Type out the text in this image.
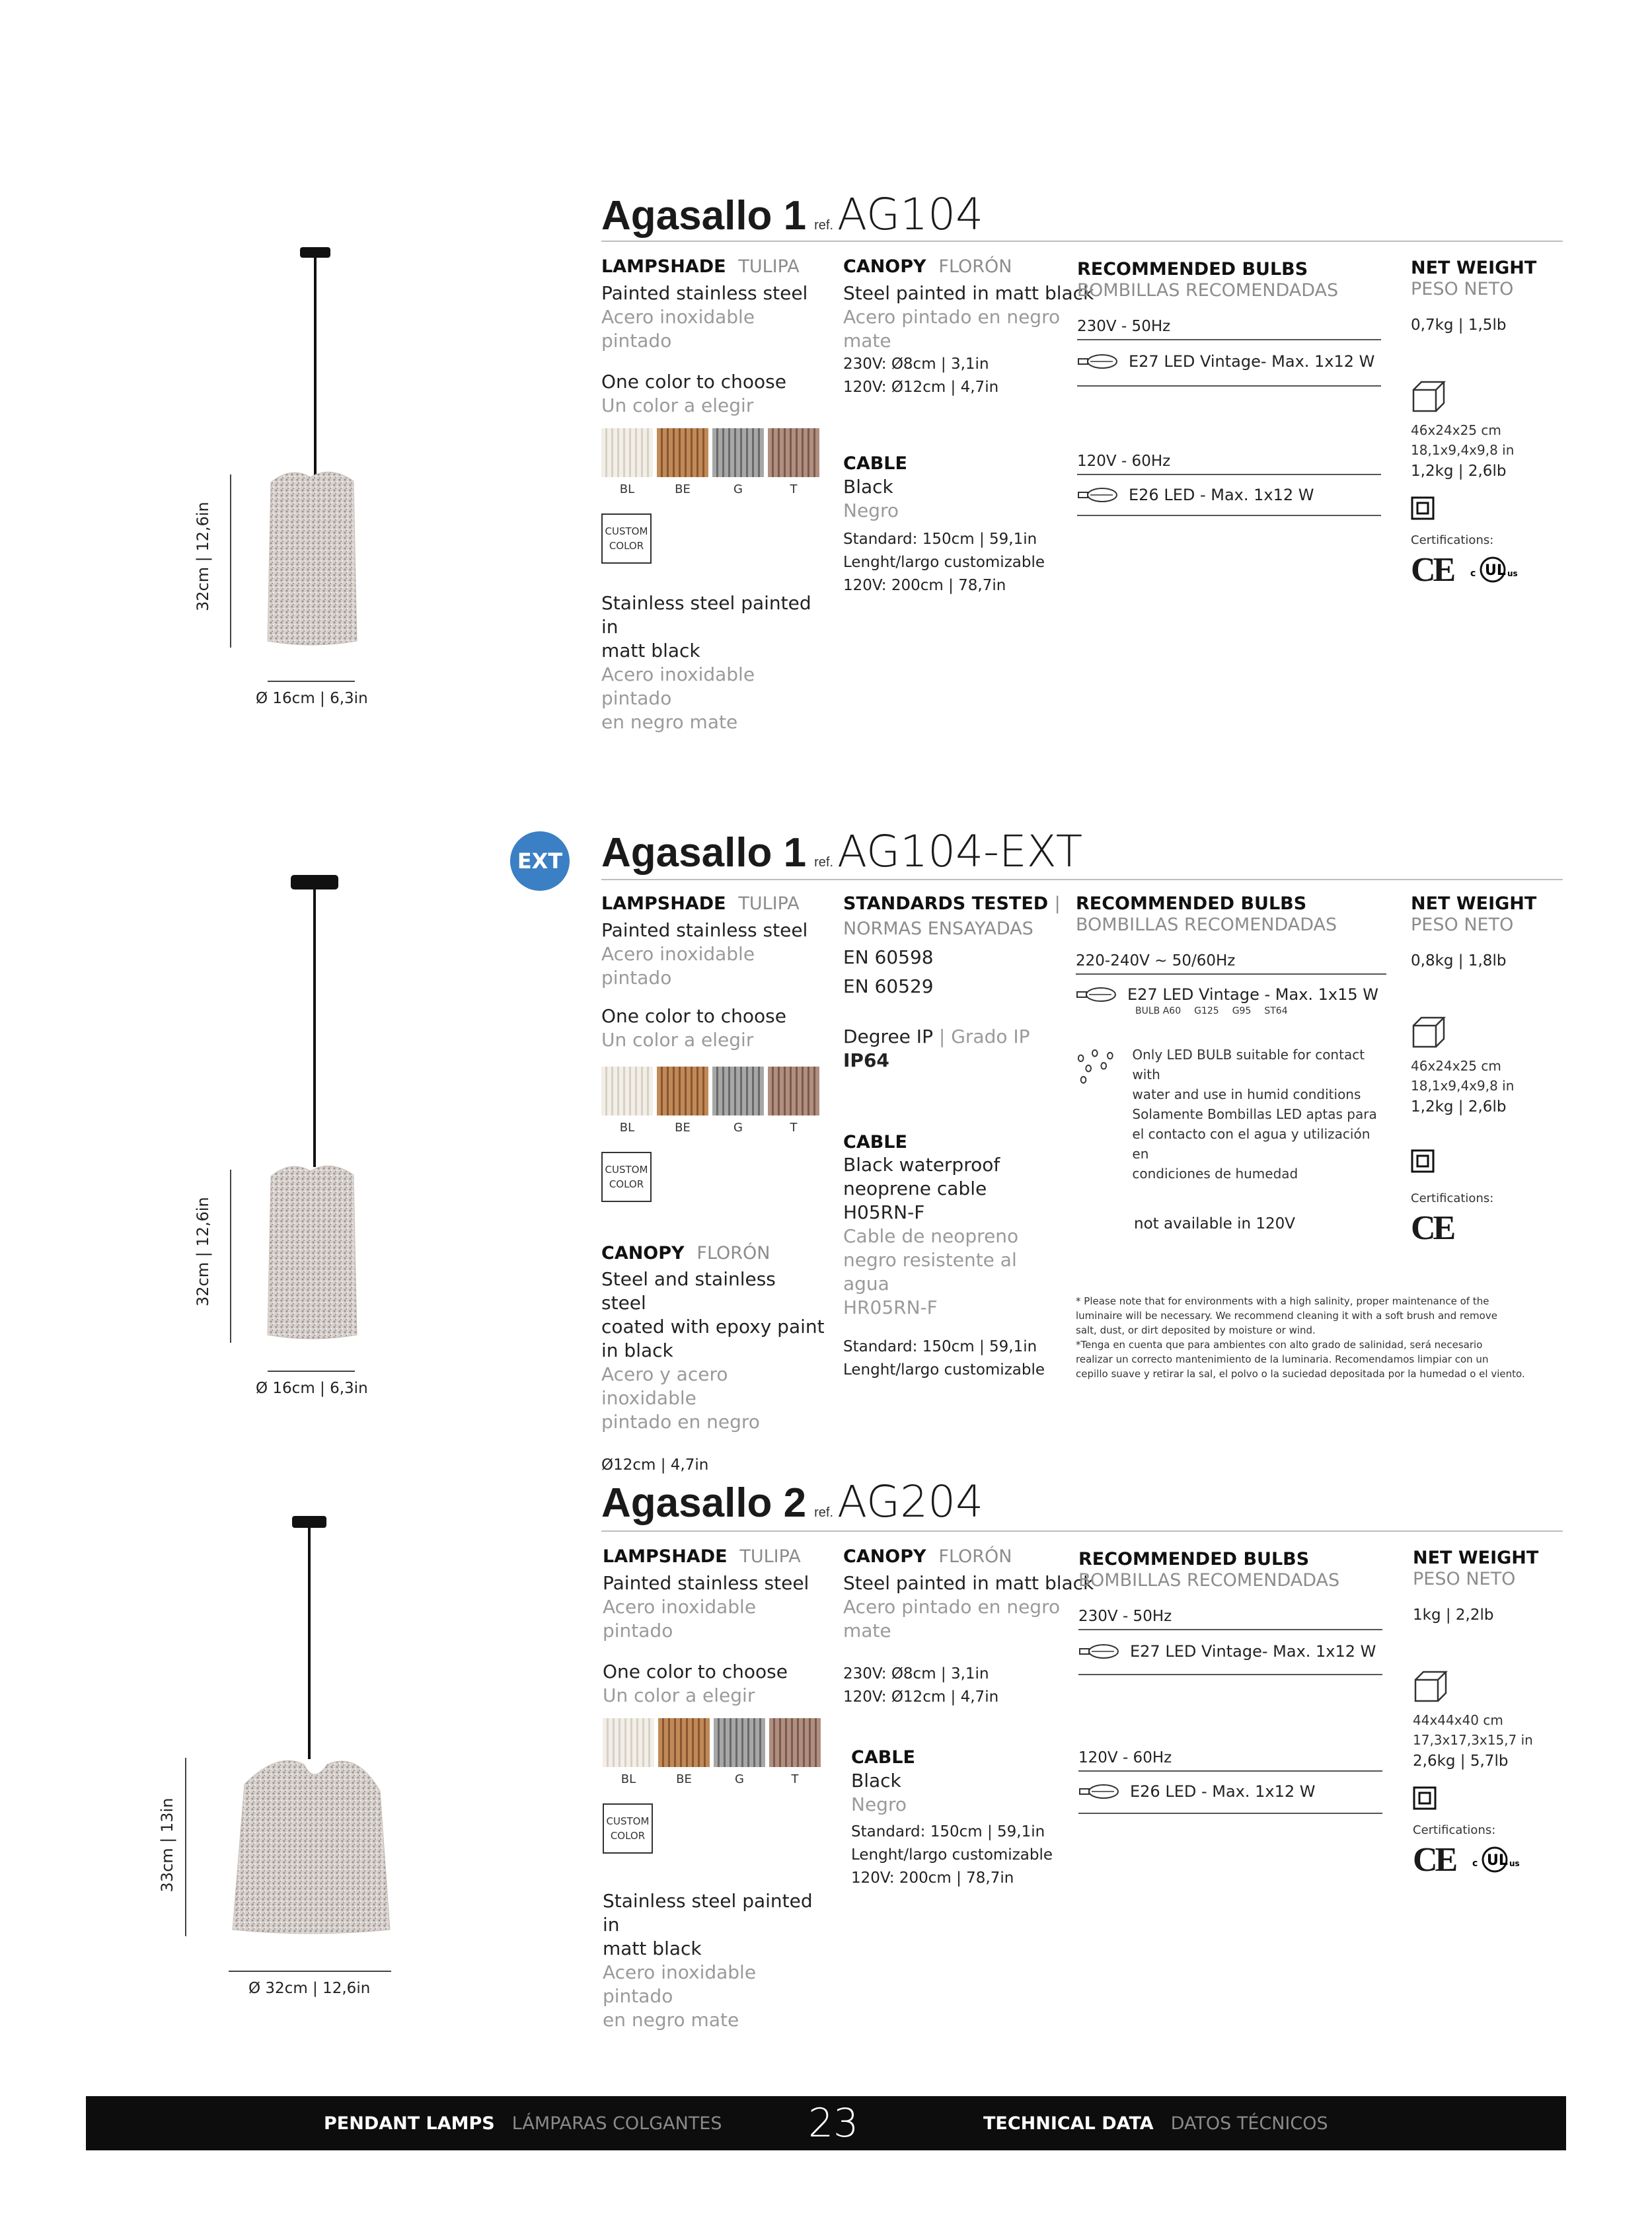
32cm | 12,6in
Ø 16cm | 6,3in
Agasallo 1 ref.AG104
LAMPSHADE TULIPA
Painted stainless steel
Acero inoxidable pintado
One color to choose
Un color a elegir
BL	BE	G	T
CUSTOM
COLOR
Stainless steel painted in
matt black
Acero inoxidable pintado
en negro mate
CANOPY FLORÓN
Steel painted in matt black
Acero pintado en negro
mate
230V: Ø8cm | 3,1in
120V: Ø12cm | 4,7in
CABLE
Black
Negro
Standard: 150cm | 59,1in
Lenght/largo customizable
120V: 200cm | 78,7in
RECOMMENDED BULBS
BOMBILLAS RECOMENDADAS
230V - 50Hz
E27 LED Vintage- Max. 1x12 W
120V - 60Hz
E26 LED - Max. 1x12 W
NET WEIGHT
PESO NETO
0,7kg | 1,5lb
46x24x25 cm
18,1x9,4x9,8 in
1,2kg | 2,6lb
Certifications:
CE c UL us
32cm | 12,6in
Ø 16cm | 6,3in
EXT Agasallo 1 ref.AG104-EXT
LAMPSHADE TULIPA
Painted stainless steel
Acero inoxidable pintado
One color to choose
Un color a elegir
BL	BE	G	T
CUSTOM
COLOR
CANOPY FLORÓN
Steel and stainless steel
coated with epoxy paint
in black
Acero y acero inoxidable
pintado en negro
Ø12cm | 4,7in
STANDARDS TESTED |
NORMAS ENSAYADAS
EN 60598
EN 60529
Degree IP | Grado IP
IP64
CABLE
Black waterproof
neoprene cable
H05RN-F
Cable de neopreno
negro resistente al agua
HR05RN-F
Standard: 150cm | 59,1in
Lenght/largo customizable
RECOMMENDED BULBS
BOMBILLAS RECOMENDADAS
220-240V ~ 50/60Hz
E27 LED Vintage - Max. 1x15 W
BULB A60 G125 G95 ST64
Only LED BULB suitable for contact with
water and use in humid conditions
Solamente Bombillas LED aptas para
el contacto con el agua y utilización en
condiciones de humedad
not available in 120V
* Please note that for environments with a high salinity, proper maintenance of the
luminaire will be necessary. We recommend cleaning it with a soft brush and remove
salt, dust, or dirt deposited by moisture or wind.
*Tenga en cuenta que para ambientes con alto grado de salinidad, será necesario
realizar un correcto mantenimiento de la luminaria. Recomendamos limpiar con un
cepillo suave y retirar la sal, el polvo o la suciedad depositada por la humedad o el viento.
NET WEIGHT
PESO NETO
0,8kg | 1,8lb
46x24x25 cm
18,1x9,4x9,8 in
1,2kg | 2,6lb
Certifications:
CE
33cm | 13in
Ø 32cm | 12,6in
Agasallo 2 ref.AG204
LAMPSHADE TULIPA
Painted stainless steel
Acero inoxidable pintado
One color to choose
Un color a elegir
BL	BE	G	T
CUSTOM
COLOR
Stainless steel painted in
matt black
Acero inoxidable pintado
en negro mate
CANOPY FLORÓN
Steel painted in matt black
Acero pintado en negro
mate
230V: Ø8cm | 3,1in
120V: Ø12cm | 4,7in
CABLE
Black
Negro
Standard: 150cm | 59,1in
Lenght/largo customizable
120V: 200cm | 78,7in
RECOMMENDED BULBS
BOMBILLAS RECOMENDADAS
230V - 50Hz
E27 LED Vintage- Max. 1x12 W
120V - 60Hz
E26 LED - Max. 1x12 W
NET WEIGHT
PESO NETO
1kg | 2,2lb
44x44x40 cm
17,3x17,3x15,7 in
2,6kg | 5,7lb
Certifications:
CE c UL us
PENDANT LAMPS LÁMPARAS COLGANTES 23	TECHNICAL DATA DATOS TÉCNICOS
